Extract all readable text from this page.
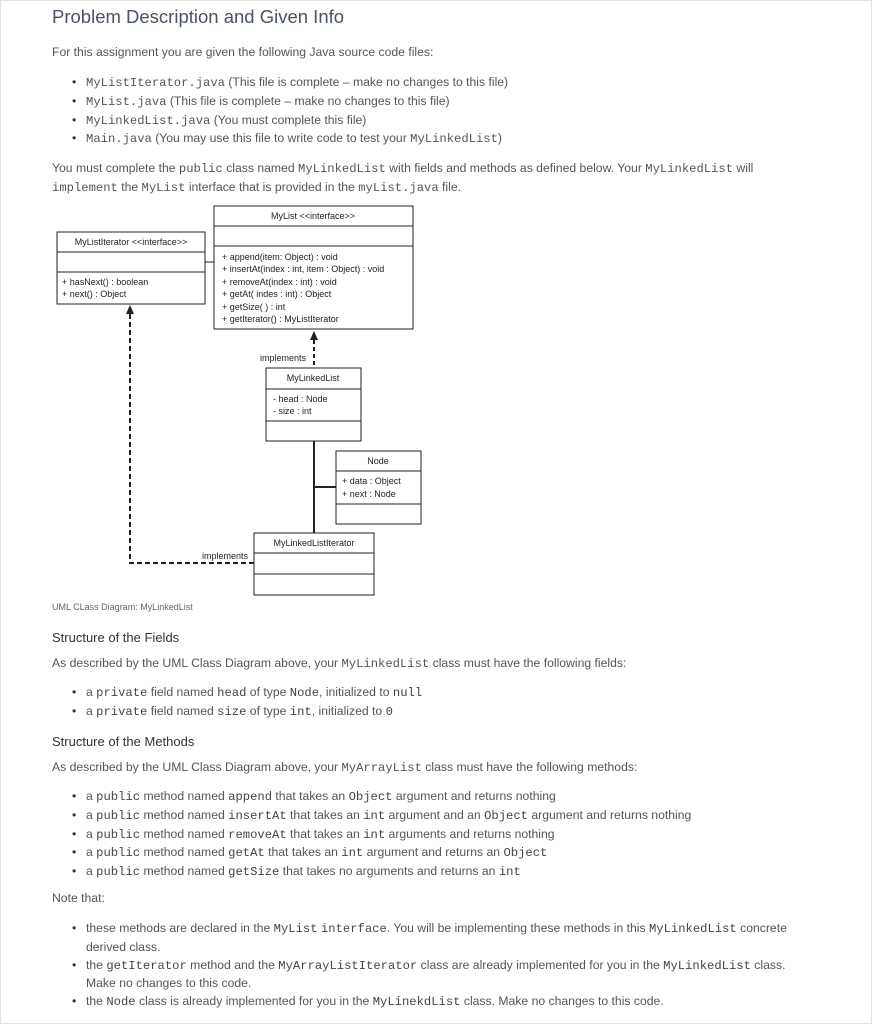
Problem Description and Given Info
For this assignment you are given the following Java source code files:
• MyListIterator.java (This file is complete – make no changes to this file)
• MyList.java (This file is complete – make no changes to this file)
• MyLinkedList.java (You must complete this file)
• Main.java (You may use this file to write code to test your MyLinkedList)
You must complete the public class named MyLinkedList with fields and methods as defined below. Your MyLinkedList will
implement the MyList interface that is provided in the myList.java file.
MyList <<interface>>
+ append(item: Object) : void
+ insertAt(index : int, item : Object) : void
+ removeAt(index : int) : void
+ getAt( indes : int) : Object
+ getSize( ) : int
+ getIterator() : MyListIterator
MyListIterator <<interface>>
+ hasNext() : boolean
+ next() : Object
implements
MyLinkedList
- head : Node
- size : int
Node
+ data : Object
+ next : Node
MyLinkedListIterator
implements
UML CLass Diagram: MyLinkedList
Structure of the Fields
As described by the UML Class Diagram above, your MyLinkedList class must have the following fields:
• a private field named head of type Node, initialized to null
• a private field named size of type int, initialized to 0
Structure of the Methods
As described by the UML Class Diagram above, your MyArrayList class must have the following methods:
• a public method named append that takes an Object argument and returns nothing
• a public method named insertAt that takes an int argument and an Object argument and returns nothing
• a public method named removeAt that takes an int arguments and returns nothing
• a public method named getAt that takes an int argument and returns an Object
• a public method named getSize that takes no arguments and returns an int
Note that:
• these methods are declared in the MyList interface. You will be implementing these methods in this MyLinkedList concrete derived class.
• the getIterator method and the MyArrayListIterator class are already implemented for you in the MyLinkedList class. Make no changes to this code.
• the Node class is already implemented for you in the MyLinekdList class. Make no changes to this code.
